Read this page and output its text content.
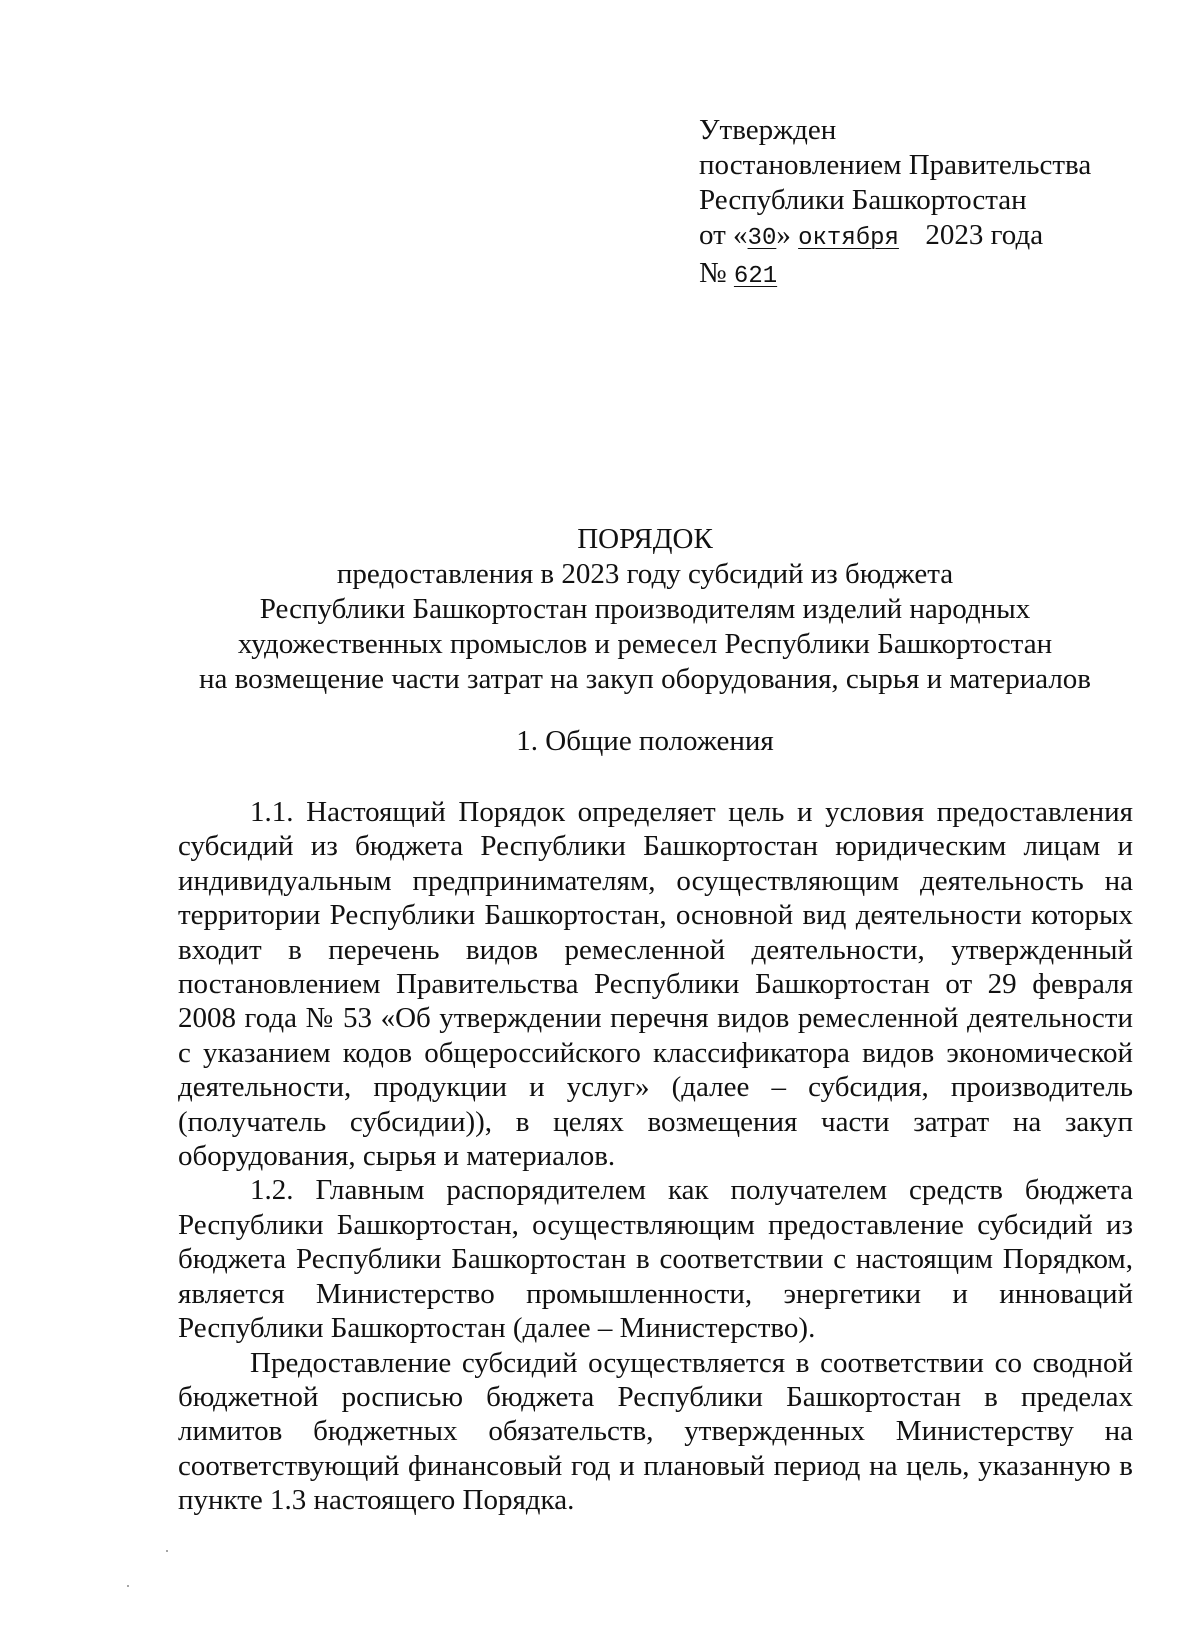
Утвержден
постановлением Правительства
Республики Башкортостан
от «30» октября 2023 года
№ 621
ПОРЯДОК
предоставления в 2023 году субсидий из бюджета
Республики Башкортостан производителям изделий народных
художественных промыслов и ремесел Республики Башкортостан
на возмещение части затрат на закуп оборудования, сырья и материалов
1. Общие положения

1.1. Настоящий Порядок определяет цель и условия предоставления субсидий из бюджета Республики Башкортостан юридическим лицам и индивидуальным предпринимателям, осуществляющим деятельность на территории Республики Башкортостан, основной вид деятельности которых входит в перечень видов ремесленной деятельности, утвержденный постановлением Правительства Республики Башкортостан от 29 февраля 2008 года № 53 «Об утверждении перечня видов ремесленной деятельности с указанием кодов общероссийского классификатора видов экономической деятельности, продукции и услуг» (далее – субсидия, производитель (получатель субсидии)), в целях возмещения части затрат на закуп оборудования, сырья и материалов.

1.2. Главным распорядителем как получателем средств бюджета Республики Башкортостан, осуществляющим предоставление субсидий из бюджета Республики Башкортостан в соответствии с настоящим Порядком, является Министерство промышленности, энергетики и инноваций Республики Башкортостан (далее – Министерство).

Предоставление субсидий осуществляется в соответствии со сводной бюджетной росписью бюджета Республики Башкортостан в пределах лимитов бюджетных обязательств, утвержденных Министерству на соответствующий финансовый год и плановый период на цель, указанную в пункте 1.3 настоящего Порядка.
